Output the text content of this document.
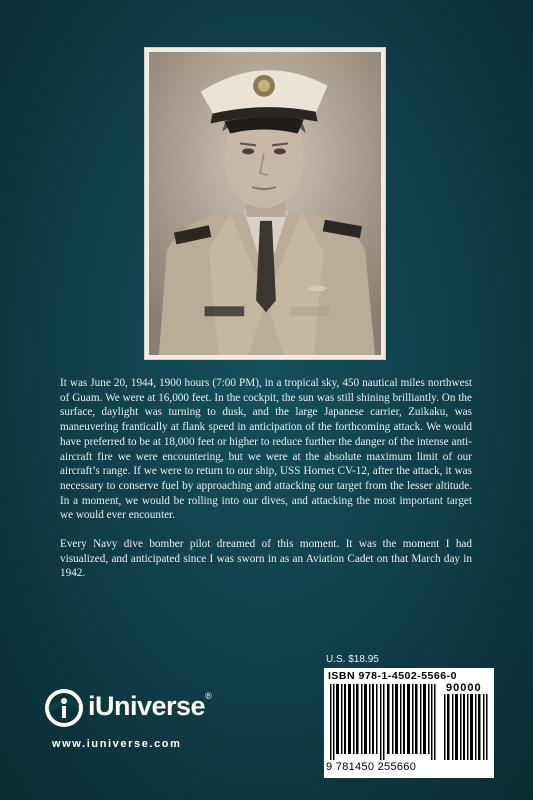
It was June 20, 1944, 1900 hours (7:00 PM), in a tropical sky, 450 nautical miles northwest of Guam. We were at 16,000 feet. In the cockpit, the sun was still shining brilliantly. On the surface, daylight was turning to dusk, and the large Japanese carrier, Zuikaku, was maneuvering frantically at flank speed in anticipation of the forthcoming attack. We would have preferred to be at 18,000 feet or higher to reduce further the danger of the intense anti-aircraft fire we were encountering, but we were at the absolute maximum limit of our aircraft’s range. If we were to return to our ship, USS Hornet CV-12, after the attack, it was necessary to conserve fuel by approaching and attacking our target from the lesser altitude. In a moment, we would be rolling into our dives, and attacking the most important target we would ever encounter.

Every Navy dive bomber pilot dreamed of this moment. It was the moment I had visualized, and anticipated since I was sworn in as an Aviation Cadet on that March day in 1942.

U.S. $18.95
ISBN 978-1-4502-5566-0
90000
9 781450 255660
iUniverse®
www.iuniverse.com
